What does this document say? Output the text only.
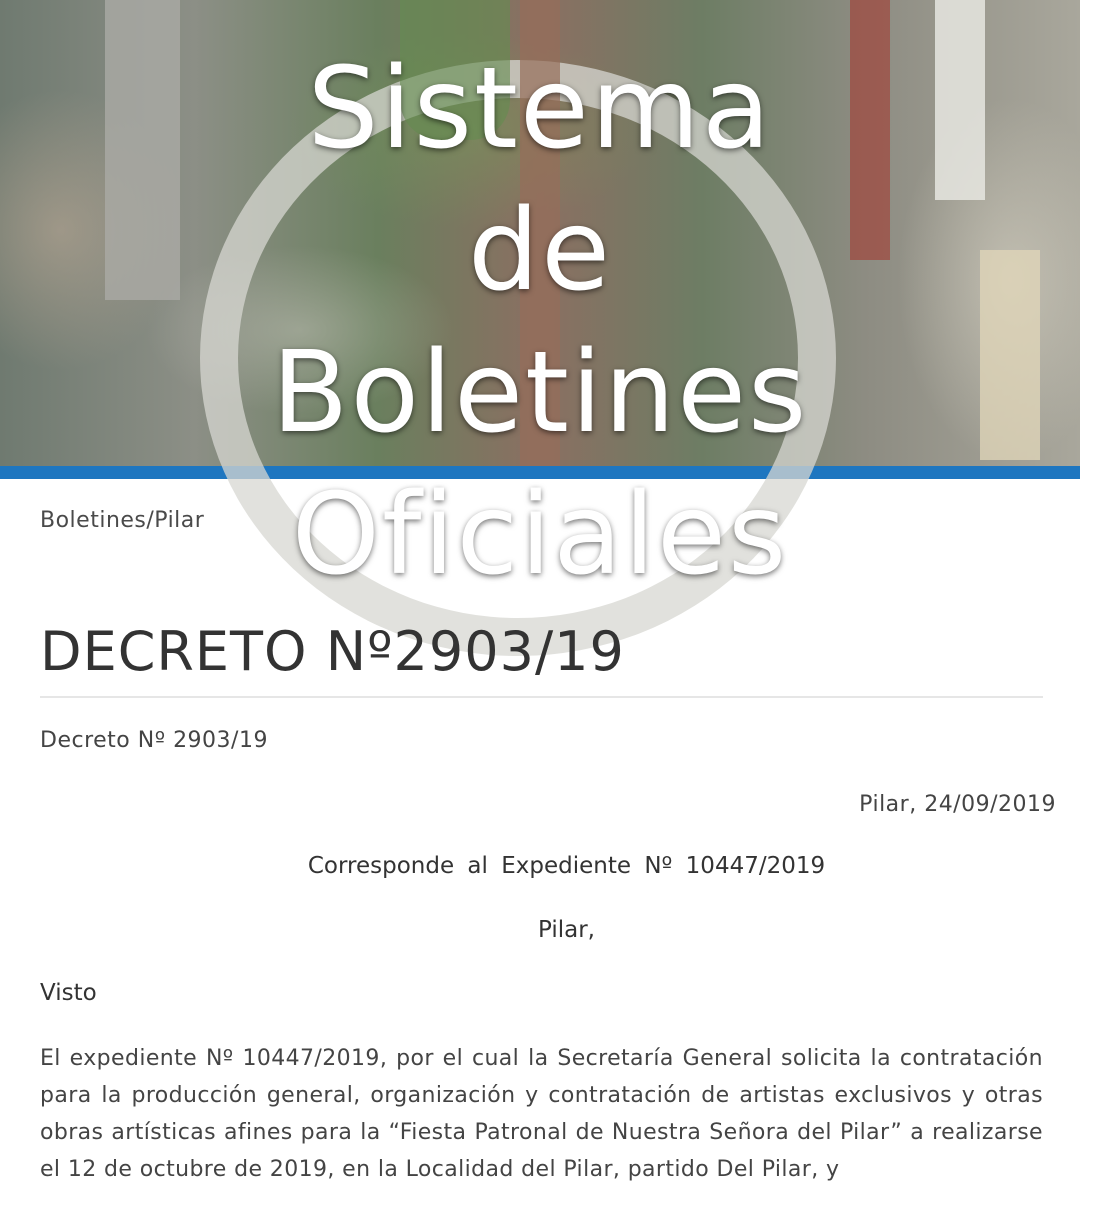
Sistema de Boletines Oficiales
Boletines/Pilar
DECRETO Nº2903/19
Decreto Nº 2903/19
Pilar, 24/09/2019
Corresponde al Expediente Nº 10447/2019
Pilar,
Visto

El expediente Nº 10447/2019, por el cual la Secretaría General solicita la contratación para la producción general, organización y contratación de artistas exclusivos y otras obras artísticas afines para la “Fiesta Patronal de Nuestra Señora del Pilar” a realizarse el 12 de octubre de 2019, en la Localidad del Pilar, partido Del Pilar, y
